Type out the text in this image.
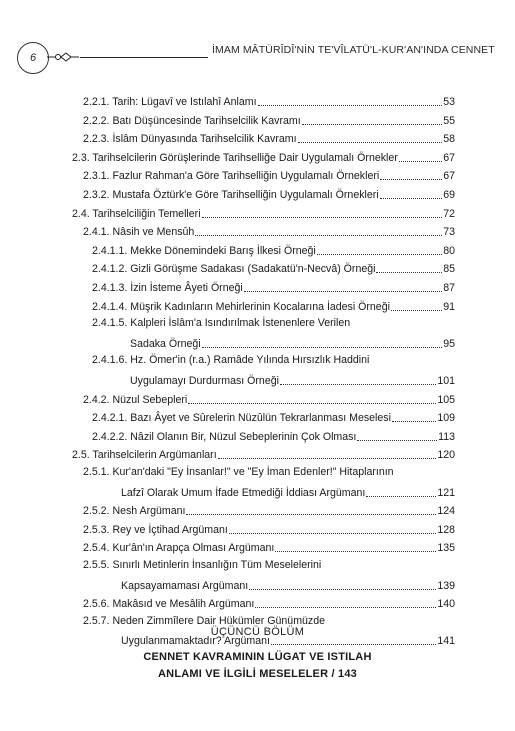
6
İMAM MÂTÜRÎDÎ'NİN TE'VÎLATÜ'L-KUR'AN'INDA CENNET
2.2.1. Tarih: Lügavî ve Istılahî Anlamı	53
2.2.2. Batı Düşüncesinde Tarihselcilik Kavramı	55
2.2.3. İslâm Dünyasında Tarihselcilik Kavramı	58
2.3. Tarihselcilerin Görüşlerinde Tarihselliğe Dair Uygulamalı Örnekler	67
2.3.1. Fazlur Rahman'a Göre Tarihselliğin Uygulamalı Örnekleri	67
2.3.2. Mustafa Öztürk'e Göre Tarihselliğin Uygulamalı Örnekleri	69
2.4. Tarihselciliğin Temelleri	72
2.4.1. Nâsih ve Mensûh	73
2.4.1.1. Mekke Dönemindeki Barış İlkesi Örneği	80
2.4.1.2. Gizli Görüşme Sadakası (Sadakatü'n-Necvâ) Örneği	85
2.4.1.3. İzin İsteme Âyeti Örneği	87
2.4.1.4. Müşrik Kadınların Mehirlerinin Kocalarına İadesi Örneği	91
2.4.1.5. Kalpleri İslâm'a Isındırılmak İstenenlere Verilen
Sadaka Örneği	95
2.4.1.6. Hz. Ömer'in (r.a.) Ramâde Yılında Hırsızlık Haddini
Uygulamayı Durdurması Örneği	101
2.4.2. Nüzul Sebepleri	105
2.4.2.1. Bazı Âyet ve Sûrelerin Nüzûlün Tekrarlanması Meselesi	109
2.4.2.2. Nâzil Olanın Bir, Nüzul Sebeplerinin Çok Olması	113
2.5. Tarihselcilerin Argümanları	120
2.5.1. Kur'an'daki "Ey İnsanlar!" ve "Ey İman Edenler!" Hitaplarının
Lafzî Olarak Umum İfade Etmediği İddiası Argümanı	121
2.5.2. Nesh Argümanı	124
2.5.3. Rey ve İçtihad Argümanı	128
2.5.4. Kur'ân'ın Arapça Olması Argümanı	135
2.5.5. Sınırlı Metinlerin İnsanlığın Tüm Meselelerini
Kapsayamaması Argümanı	139
2.5.6. Makâsıd ve Mesâlih Argümanı	140
2.5.7. Neden Zimmîlere Dair Hükümler Günümüzde
Uygulanmamaktadır? Argümanı	141
ÜÇÜNCÜ BÖLÜM
CENNET KAVRAMININ LÜGAT VE ISTILAH
ANLAMI VE İLGİLİ MESELELER / 143
